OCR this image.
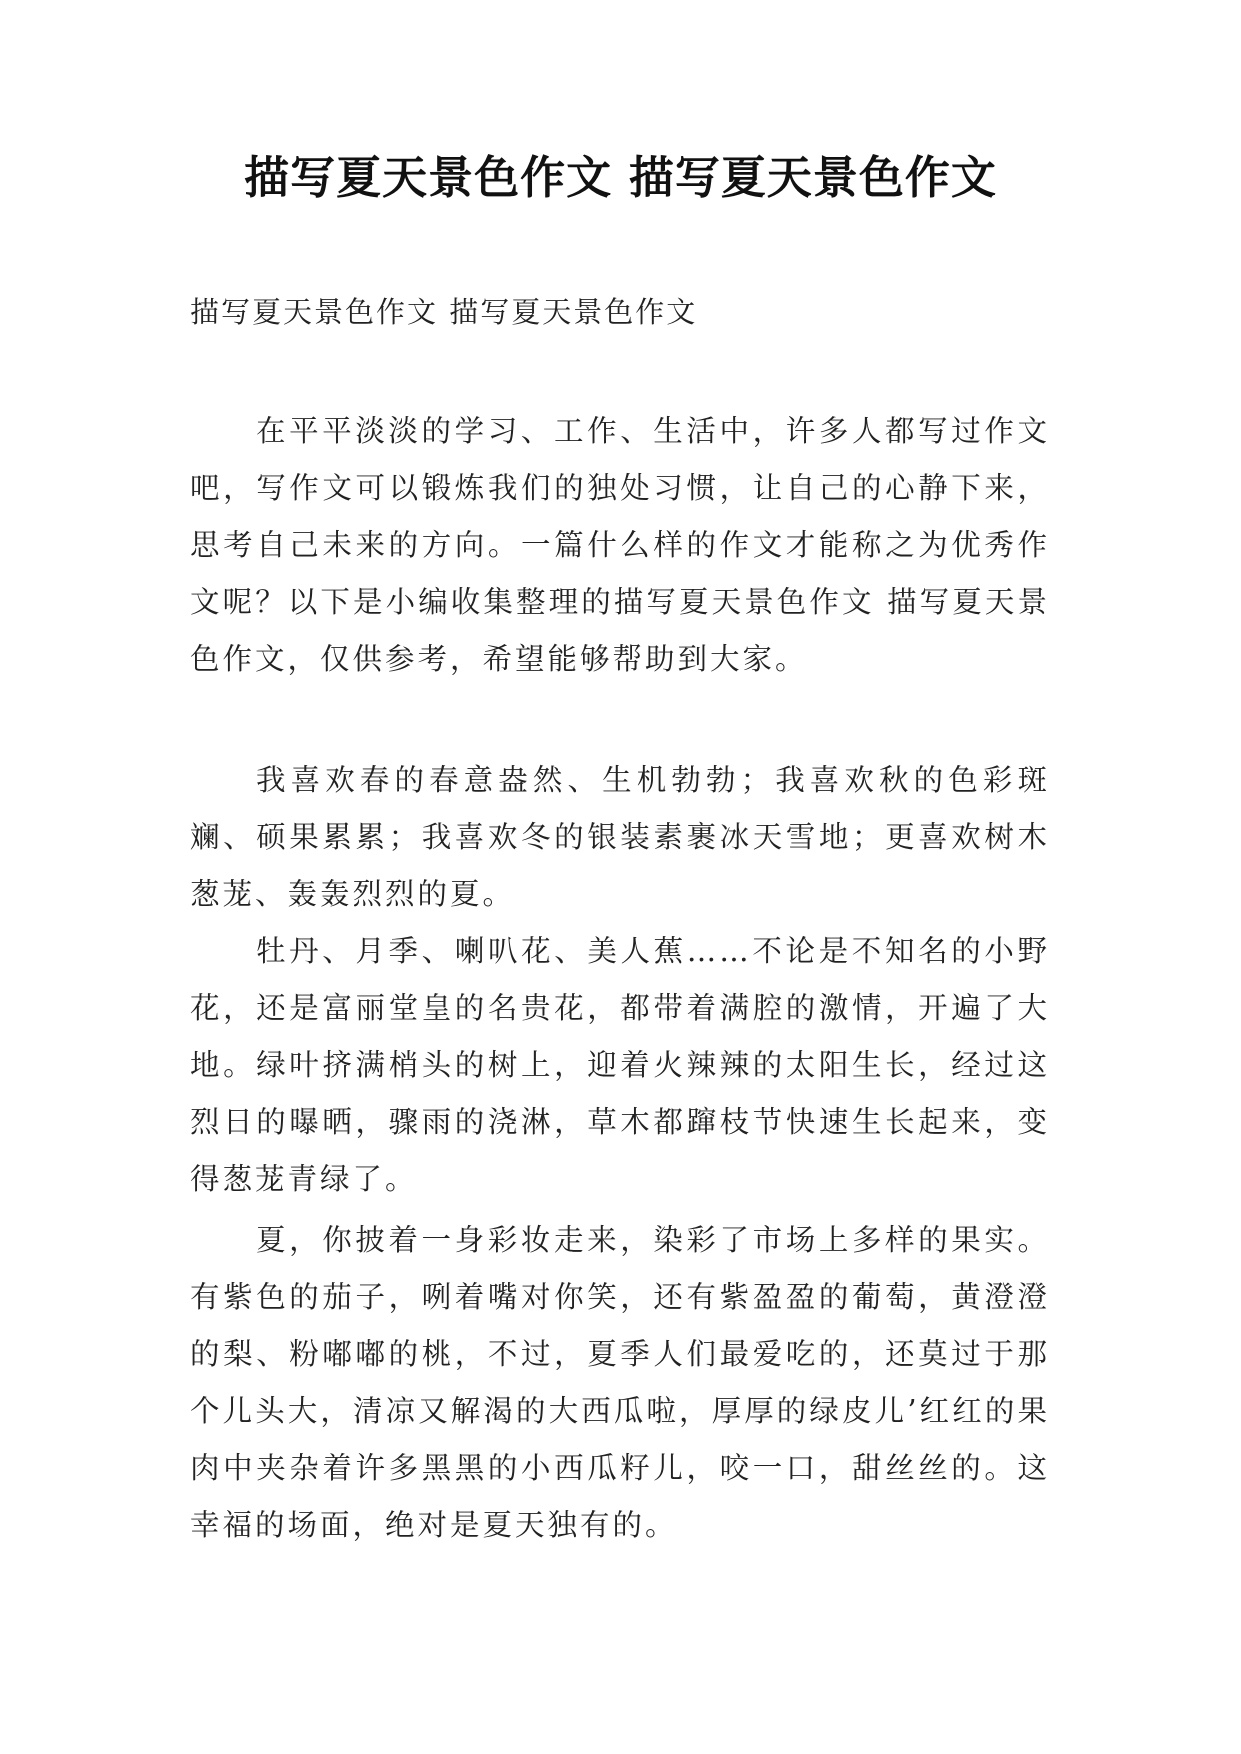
描写夏天景色作文 描写夏天景色作文
描写夏天景色作文 描写夏天景色作文

在平平淡淡的学习、工作、生活中，许多人都写过作文吧，写作文可以锻炼我们的独处习惯，让自己的心静下来，思考自己未来的方向。一篇什么样的作文才能称之为优秀作文呢？以下是小编收集整理的描写夏天景色作文 描写夏天景色作文，仅供参考，希望能够帮助到大家。

我喜欢春的春意盎然、生机勃勃；我喜欢秋的色彩斑斓、硕果累累；我喜欢冬的银装素裹冰天雪地；更喜欢树木葱茏、轰轰烈烈的夏。

牡丹、月季、喇叭花、美人蕉……不论是不知名的小野花，还是富丽堂皇的名贵花，都带着满腔的激情，开遍了大地。绿叶挤满梢头的树上，迎着火辣辣的太阳生长，经过这烈日的曝晒，骤雨的浇淋，草木都蹿枝节快速生长起来，变得葱茏青绿了。

夏，你披着一身彩妆走来，染彩了市场上多样的果实。有紫色的茄子，咧着嘴对你笑，还有紫盈盈的葡萄，黄澄澄的梨、粉嘟嘟的桃，不过，夏季人们最爱吃的，还莫过于那个儿头大，清凉又解渴的大西瓜啦，厚厚的绿皮儿’红红的果肉中夹杂着许多黑黑的小西瓜籽儿，咬一口，甜丝丝的。这幸福的场面，绝对是夏天独有的。
